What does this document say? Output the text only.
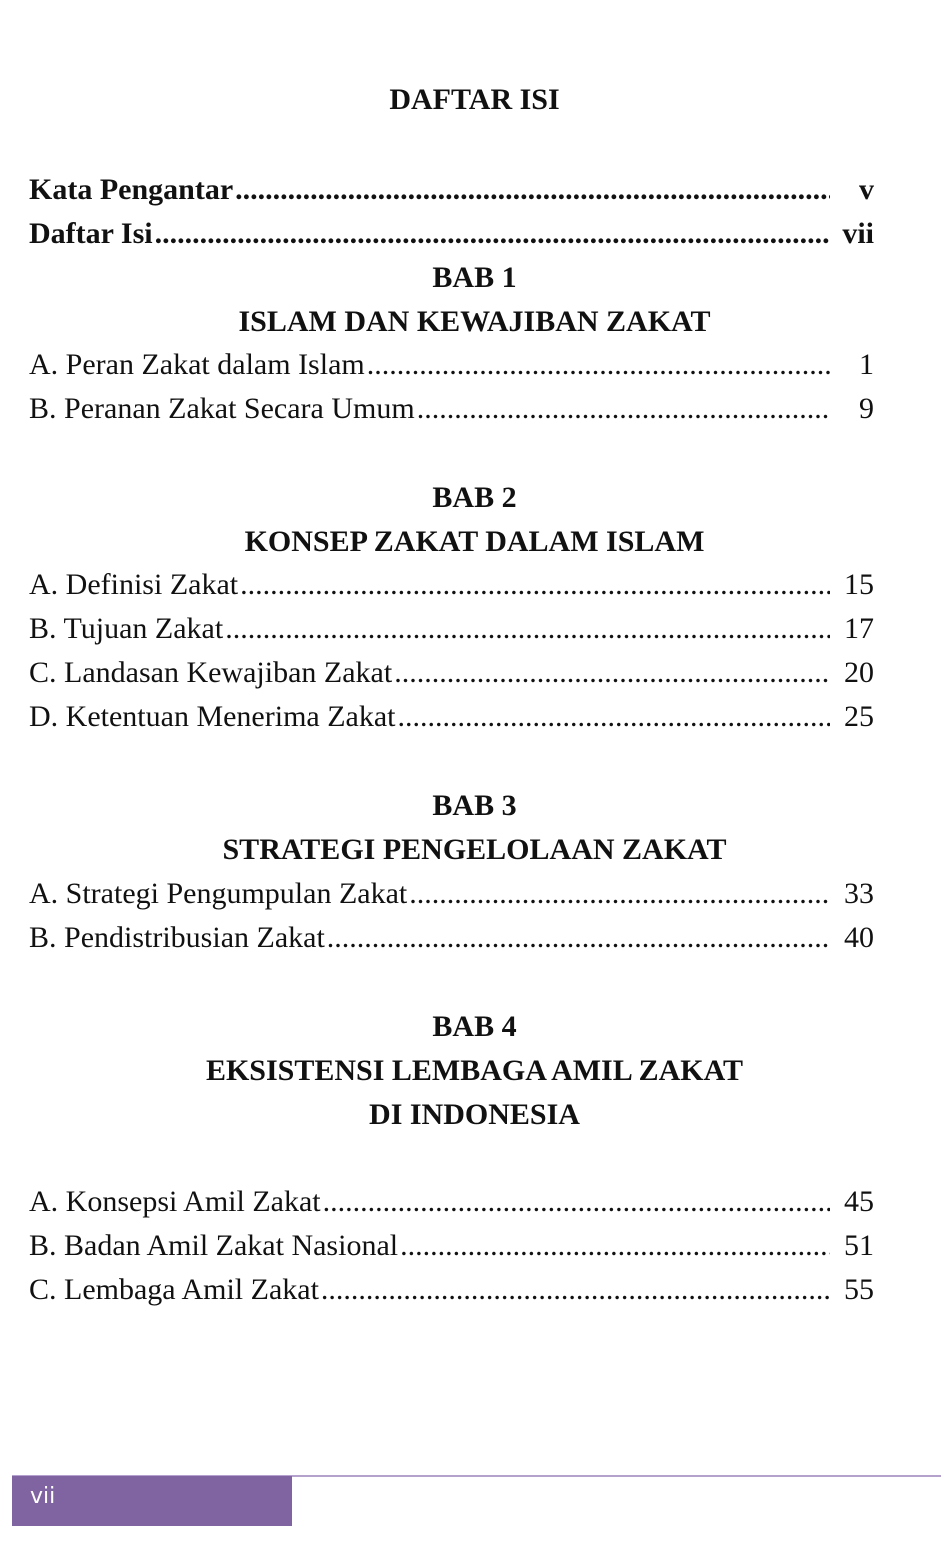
DAFTAR ISI
Kata Pengantar .....	v
Daftar Isi .....	vii
BAB 1
ISLAM DAN KEWAJIBAN ZAKAT
A. Peran Zakat dalam Islam .....	1
B. Peranan Zakat Secara Umum .....	9
BAB 2
KONSEP ZAKAT DALAM ISLAM
A. Definisi Zakat .....	15
B. Tujuan Zakat .....	17
C. Landasan Kewajiban Zakat .....	20
D. Ketentuan Menerima Zakat .....	25
BAB 3
STRATEGI PENGELOLAAN ZAKAT
A. Strategi Pengumpulan Zakat .....	33
B. Pendistribusian Zakat .....	40
BAB 4
EKSISTENSI LEMBAGA AMIL ZAKAT
DI INDONESIA
A. Konsepsi Amil Zakat .....	45
B. Badan Amil Zakat Nasional .....	51
C. Lembaga Amil Zakat .....	55
vii
